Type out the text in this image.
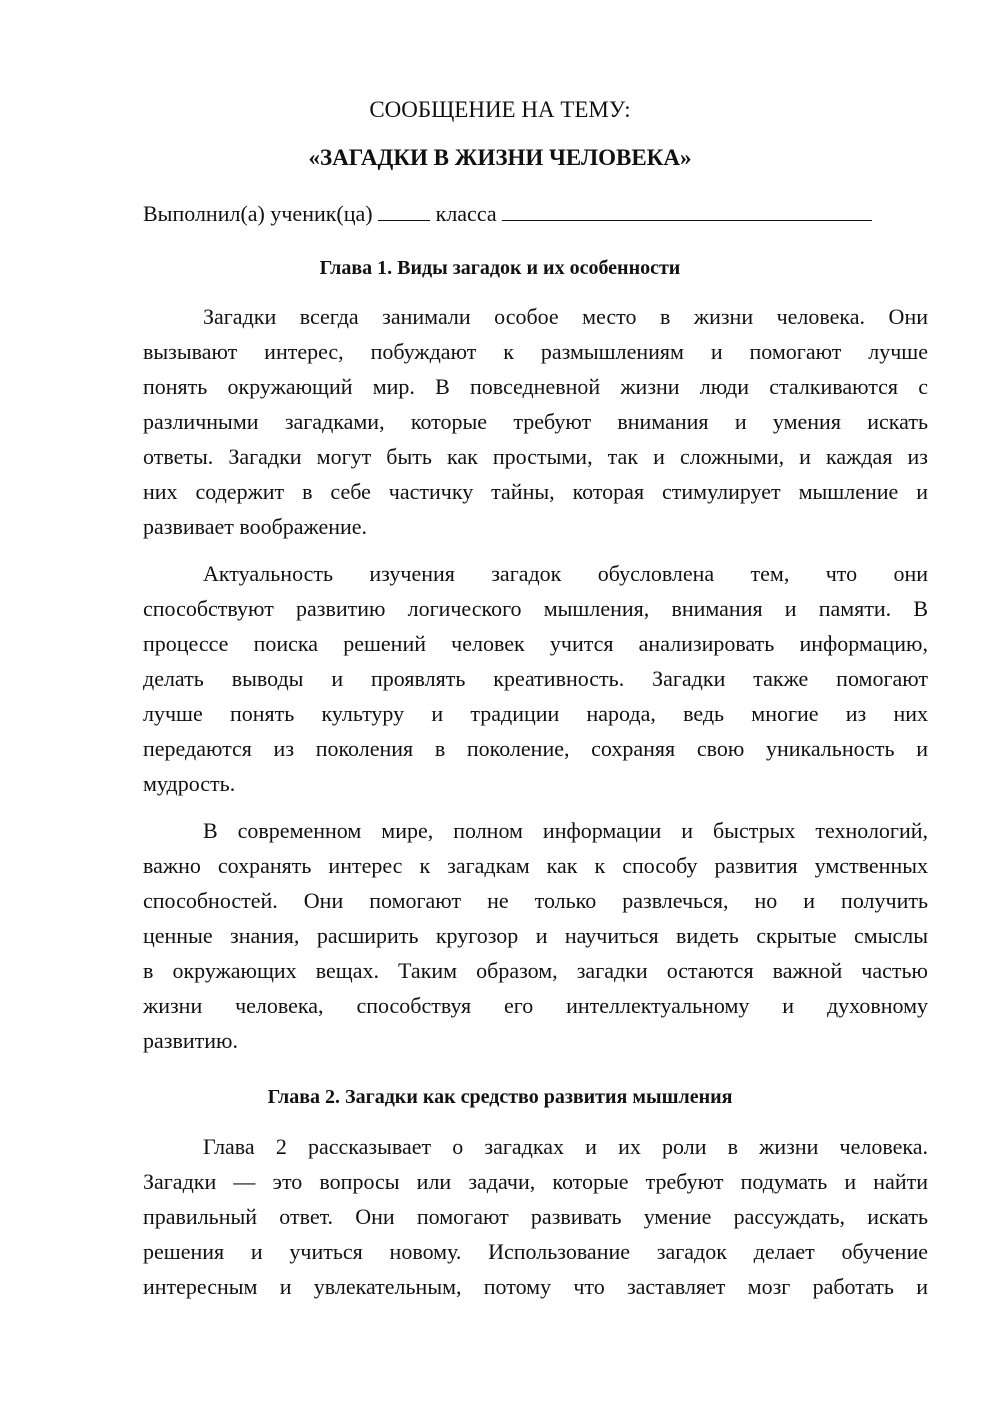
СООБЩЕНИЕ НА ТЕМУ:
«ЗАГАДКИ В ЖИЗНИ ЧЕЛОВЕКА»
Выполнил(а) ученик(ца)	класса
Глава 1. Виды загадок и их особенности
Загадки всегда занимали особое место в жизни человека. Они
вызывают интерес, побуждают к размышлениям и помогают лучше
понять окружающий мир. В повседневной жизни люди сталкиваются с
различными загадками, которые требуют внимания и умения искать
ответы. Загадки могут быть как простыми, так и сложными, и каждая из
них содержит в себе частичку тайны, которая стимулирует мышление и
развивает воображение.
Актуальность изучения загадок обусловлена тем, что они
способствуют развитию логического мышления, внимания и памяти. В
процессе поиска решений человек учится анализировать информацию,
делать выводы и проявлять креативность. Загадки также помогают
лучше понять культуру и традиции народа, ведь многие из них
передаются из поколения в поколение, сохраняя свою уникальность и
мудрость.
В современном мире, полном информации и быстрых технологий,
важно сохранять интерес к загадкам как к способу развития умственных
способностей. Они помогают не только развлечься, но и получить
ценные знания, расширить кругозор и научиться видеть скрытые смыслы
в окружающих вещах. Таким образом, загадки остаются важной частью
жизни человека, способствуя его интеллектуальному и духовному
развитию.
Глава 2. Загадки как средство развития мышления
Глава 2 рассказывает о загадках и их роли в жизни человека.
Загадки — это вопросы или задачи, которые требуют подумать и найти
правильный ответ. Они помогают развивать умение рассуждать, искать
решения и учиться новому. Использование загадок делает обучение
интересным и увлекательным, потому что заставляет мозг работать и
